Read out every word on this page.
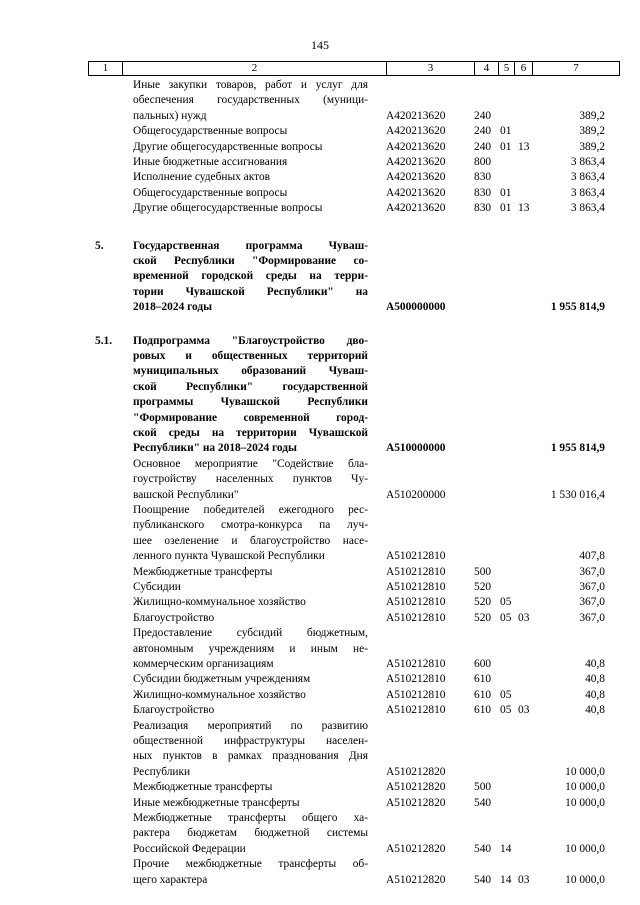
145
1	2	3	4	5	6	7
Иные закупки товаров, работ и услуг для
обеспечения государственных (муници-
пальных) нужд	A420213620	240	389,2
Общегосударственные вопросы	A420213620	240 01	389,2
Другие общегосударственные вопросы	A420213620	240 01 13	389,2
Иные бюджетные ассигнования	A420213620	800	3 863,4
Исполнение судебных актов	A420213620	830	3 863,4
Общегосударственные вопросы	A420213620	830 01	3 863,4
Другие общегосударственные вопросы	A420213620	830 01 13	3 863,4
5.	Государственная программа Чуваш-
ской Республики "Формирование со-
временной городской среды на терри-
тории Чувашской Республики" на
2018–2024 годы	A500000000	1 955 814,9
5.1.	Подпрограмма "Благоустройство дво-
ровых и общественных территорий
муниципальных образований Чуваш-
ской Республики" государственной
программы Чувашской Республики
"Формирование современной город-
ской среды на территории Чувашской
Республики" на 2018–2024 годы	A510000000	1 955 814,9
Основное мероприятие "Содействие бла-
гоустройству населенных пунктов Чу-
вашской Республики"	A510200000	1 530 016,4
Поощрение победителей ежегодного рес-
публиканского смотра-конкурса па луч-
шее озеленение и благоустройство насе-
ленного пункта Чувашской Республики	A510212810	407,8
Межбюджетные трансферты	A510212810	500	367,0
Субсидии	A510212810	520	367,0
Жилищно-коммунальное хозяйство	A510212810	520 05	367,0
Благоустройство	A510212810	520 05 03	367,0
Предоставление субсидий бюджетным,
автономным учреждениям и иным не-
коммерческим организациям	A510212810	600	40,8
Субсидии бюджетным учреждениям	A510212810	610	40,8
Жилищно-коммунальное хозяйство	A510212810	610 05	40,8
Благоустройство	A510212810	610 05 03	40,8
Реализация мероприятий по развитию
общественной инфраструктуры населен-
ных пунктов в рамках празднования Дня
Республики	A510212820	10 000,0
Межбюджетные трансферты	A510212820	500	10 000,0
Иные межбюджетные трансферты	A510212820	540	10 000,0
Межбюджетные трансферты общего ха-
рактера бюджетам бюджетной системы
Российской Федерации	A510212820	540 14	10 000,0
Прочие межбюджетные трансферты об-
щего характера	A510212820	540 14 03	10 000,0
